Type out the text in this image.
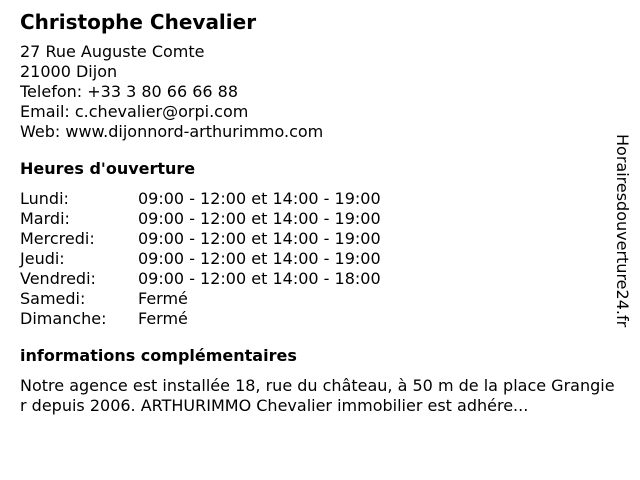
Christophe Chevalier
27 Rue Auguste Comte
21000 Dijon
Telefon: +33 3 80 66 66 88
Email: c.chevalier@orpi.com
Web: www.dijonnord-arthurimmo.com
Heures d'ouverture
Lundi:	09:00 - 12:00 et 14:00 - 19:00
Mardi:	09:00 - 12:00 et 14:00 - 19:00
Mercredi:	09:00 - 12:00 et 14:00 - 19:00
Jeudi:	09:00 - 12:00 et 14:00 - 19:00
Vendredi:	09:00 - 12:00 et 14:00 - 18:00
Samedi:	Fermé
Dimanche:	Fermé
informations complémentaires
Notre agence est installée 18, rue du château, à 50 m de la place Grangier depuis 2006. ARTHURIMMO Chevalier immobilier est adhére...
Horairesdouverture24.fr
